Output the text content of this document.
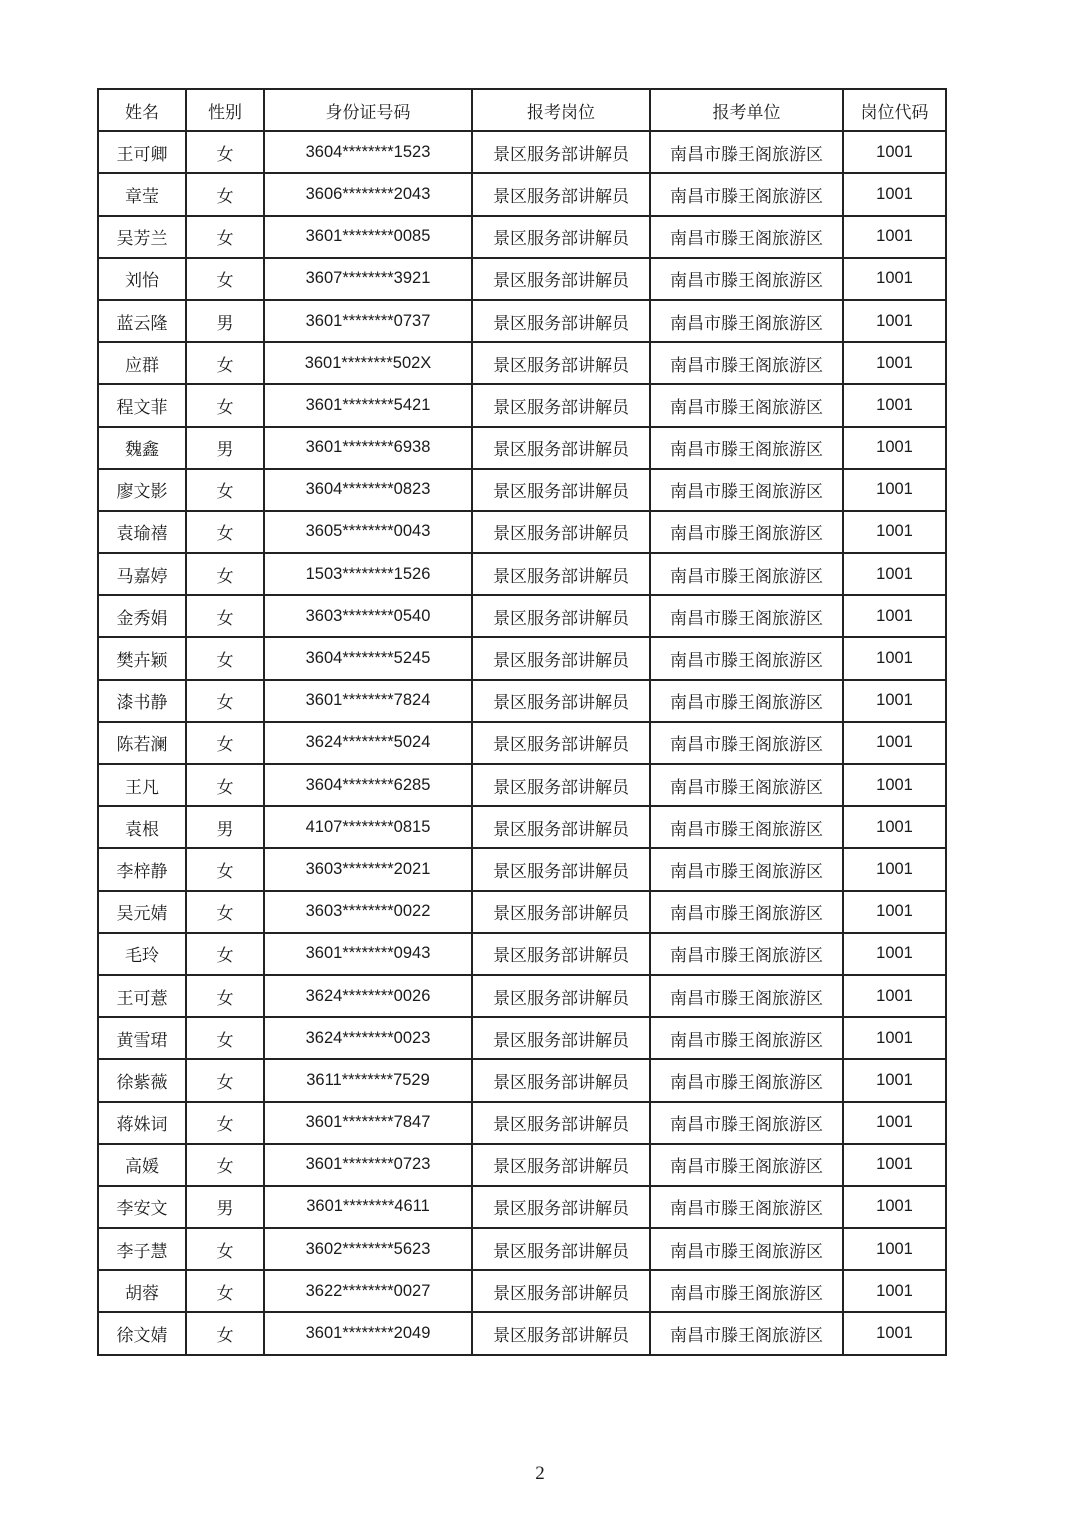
姓名	性别	身份证号码	报考岗位	报考单位	岗位代码
王可卿	女	3604********1523	景区服务部讲解员	南昌市滕王阁旅游区	1001
章莹	女	3606********2043	景区服务部讲解员	南昌市滕王阁旅游区	1001
吴芳兰	女	3601********0085	景区服务部讲解员	南昌市滕王阁旅游区	1001
刘怡	女	3607********3921	景区服务部讲解员	南昌市滕王阁旅游区	1001
蓝云隆	男	3601********0737	景区服务部讲解员	南昌市滕王阁旅游区	1001
应群	女	3601********502X	景区服务部讲解员	南昌市滕王阁旅游区	1001
程文菲	女	3601********5421	景区服务部讲解员	南昌市滕王阁旅游区	1001
魏鑫	男	3601********6938	景区服务部讲解员	南昌市滕王阁旅游区	1001
廖文影	女	3604********0823	景区服务部讲解员	南昌市滕王阁旅游区	1001
袁瑜禧	女	3605********0043	景区服务部讲解员	南昌市滕王阁旅游区	1001
马嘉婷	女	1503********1526	景区服务部讲解员	南昌市滕王阁旅游区	1001
金秀娟	女	3603********0540	景区服务部讲解员	南昌市滕王阁旅游区	1001
樊卉颖	女	3604********5245	景区服务部讲解员	南昌市滕王阁旅游区	1001
漆书静	女	3601********7824	景区服务部讲解员	南昌市滕王阁旅游区	1001
陈若澜	女	3624********5024	景区服务部讲解员	南昌市滕王阁旅游区	1001
王凡	女	3604********6285	景区服务部讲解员	南昌市滕王阁旅游区	1001
袁根	男	4107********0815	景区服务部讲解员	南昌市滕王阁旅游区	1001
李梓静	女	3603********2021	景区服务部讲解员	南昌市滕王阁旅游区	1001
吴元婧	女	3603********0022	景区服务部讲解员	南昌市滕王阁旅游区	1001
毛玲	女	3601********0943	景区服务部讲解员	南昌市滕王阁旅游区	1001
王可薏	女	3624********0026	景区服务部讲解员	南昌市滕王阁旅游区	1001
黄雪珺	女	3624********0023	景区服务部讲解员	南昌市滕王阁旅游区	1001
徐紫薇	女	3611********7529	景区服务部讲解员	南昌市滕王阁旅游区	1001
蒋姝词	女	3601********7847	景区服务部讲解员	南昌市滕王阁旅游区	1001
高媛	女	3601********0723	景区服务部讲解员	南昌市滕王阁旅游区	1001
李安文	男	3601********4611	景区服务部讲解员	南昌市滕王阁旅游区	1001
李子慧	女	3602********5623	景区服务部讲解员	南昌市滕王阁旅游区	1001
胡蓉	女	3622********0027	景区服务部讲解员	南昌市滕王阁旅游区	1001
徐文婧	女	3601********2049	景区服务部讲解员	南昌市滕王阁旅游区	1001
2
